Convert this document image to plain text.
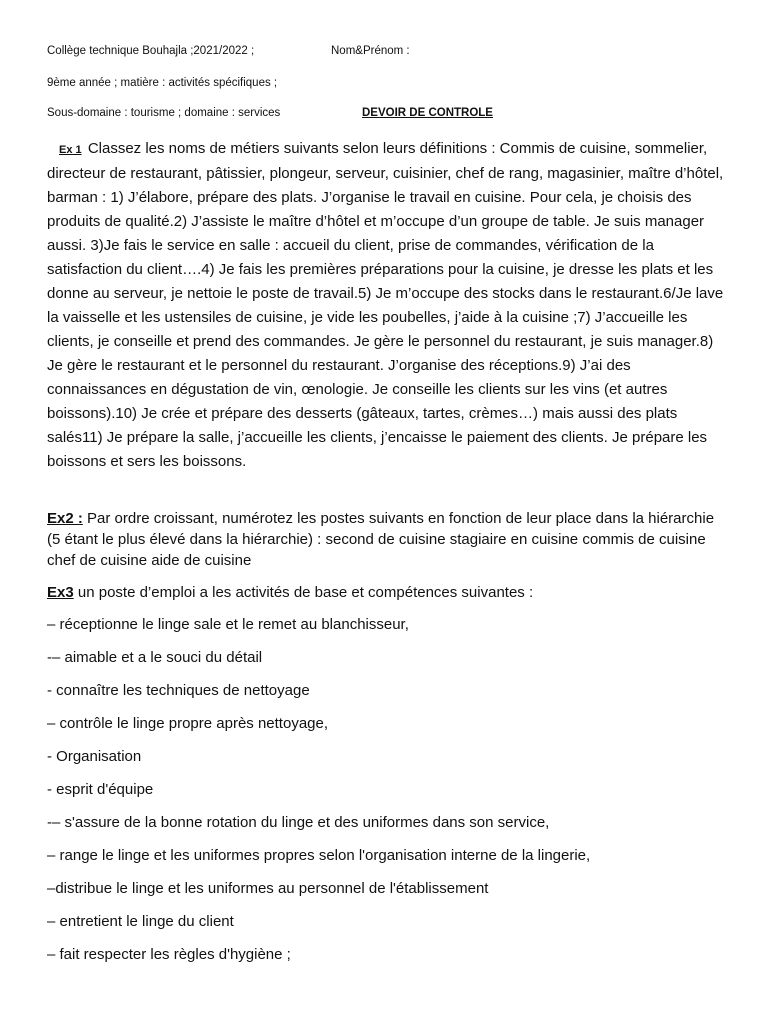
Collège technique Bouhajla ;2021/2022 ;	Nom&Prénom :
9ème année ; matière : activités spécifiques ;
Sous-domaine : tourisme ; domaine : services	DEVOIR DE CONTROLE
Ex 1 Classez les noms de métiers suivants selon leurs définitions : Commis de cuisine, sommelier, directeur de restaurant, pâtissier, plongeur, serveur, cuisinier, chef de rang, magasinier, maître d’hôtel, barman : 1) J’élabore, prépare des plats. J’organise le travail en cuisine. Pour cela, je choisis des produits de qualité.2) J’assiste le maître d’hôtel et m’occupe d’un groupe de table. Je suis manager aussi. 3)Je fais le service en salle : accueil du client, prise de commandes, vérification de la satisfaction du client….4) Je fais les premières préparations pour la cuisine, je dresse les plats et les donne au serveur, je nettoie le poste de travail.5) Je m’occupe des stocks dans le restaurant.6/Je lave la vaisselle et les ustensiles de cuisine, je vide les poubelles, j’aide à la cuisine ;7) J’accueille les clients, je conseille et prend des commandes. Je gère le personnel du restaurant, je suis manager.8) Je gère le restaurant et le personnel du restaurant. J’organise des réceptions.9) J’ai des connaissances en dégustation de vin, œnologie. Je conseille les clients sur les vins (et autres boissons).10) Je crée et prépare des desserts (gâteaux, tartes, crèmes…) mais aussi des plats salés11) Je prépare la salle, j’accueille les clients, j’encaisse le paiement des clients. Je prépare les boissons et sers les boissons.
Ex2 : Par ordre croissant, numérotez les postes suivants en fonction de leur place dans la hiérarchie (5 étant le plus élevé dans la hiérarchie) : second de cuisine stagiaire en cuisine commis de cuisine chef de cuisine aide de cuisine
Ex3 un poste d’emploi a les activités de base et compétences suivantes :
– réceptionne le linge sale et le remet au blanchisseur,
-– aimable et a le souci du détail
- connaître les techniques de nettoyage
– contrôle le linge propre après nettoyage,
- Organisation
- esprit d'équipe
-– s'assure de la bonne rotation du linge et des uniformes dans son service,
– range le linge et les uniformes propres selon l'organisation interne de la lingerie,
–distribue le linge et les uniformes au personnel de l'établissement
– entretient le linge du client
– fait respecter les règles d'hygiène ;
